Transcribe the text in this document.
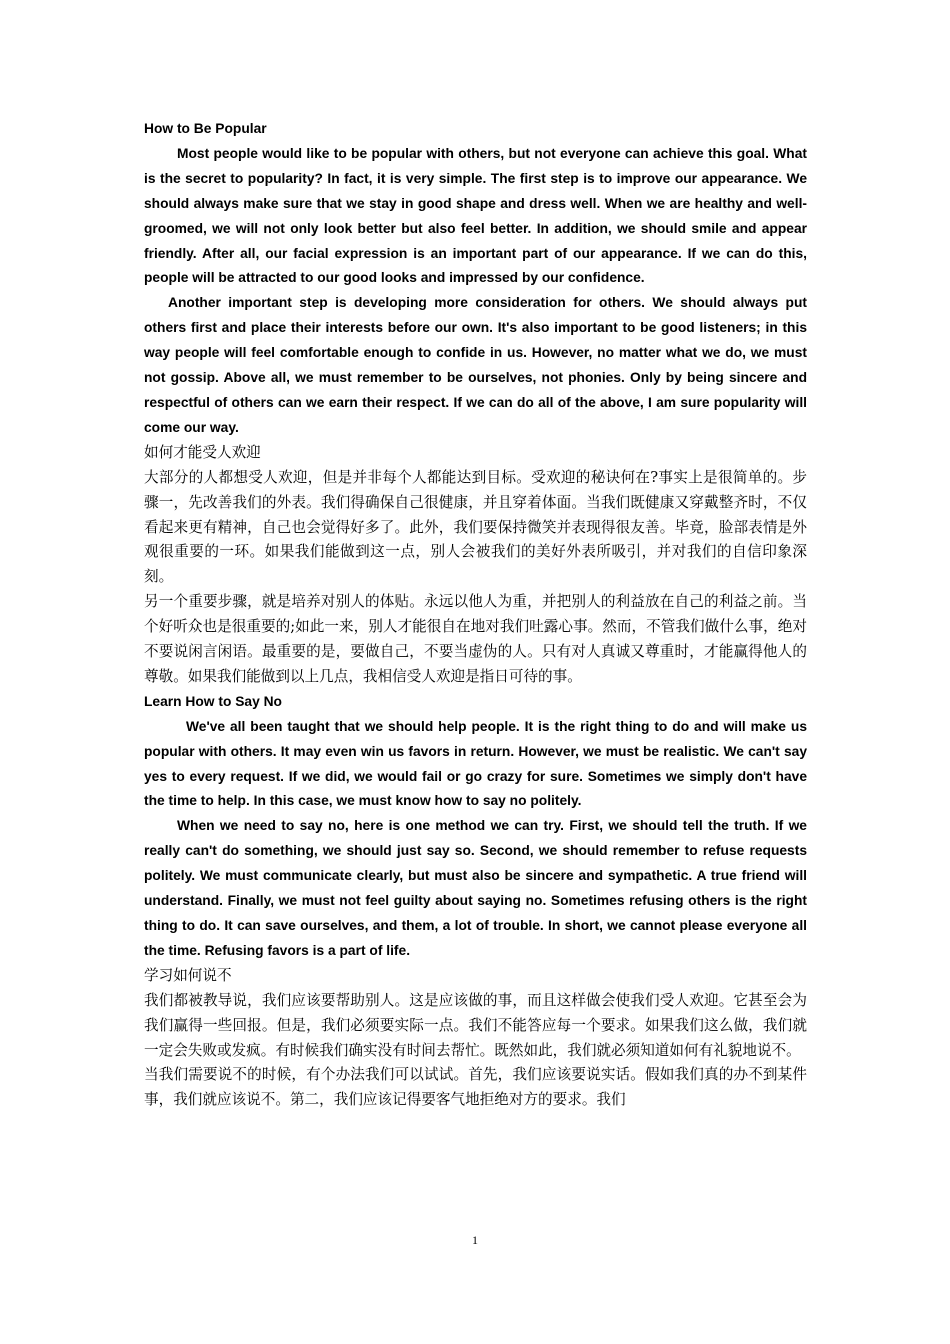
How to Be Popular

Most people would like to be popular with others, but not everyone can achieve this goal. What is the secret to popularity? In fact, it is very simple. The first step is to improve our appearance. We should always make sure that we stay in good shape and dress well. When we are healthy and well-groomed, we will not only look better but also feel better. In addition, we should smile and appear friendly. After all, our facial expression is an important part of our appearance. If we can do this, people will be attracted to our good looks and impressed by our confidence.

Another important step is developing more consideration for others. We should always put others first and place their interests before our own. It's also important to be good listeners; in this way people will feel comfortable enough to confide in us. However, no matter what we do, we must not gossip. Above all, we must remember to be ourselves, not phonies. Only by being sincere and respectful of others can we earn their respect. If we can do all of the above, I am sure popularity will come our way.

如何才能受人欢迎

大部分的人都想受人欢迎，但是并非每个人都能达到目标。受欢迎的秘诀何在?事实上是很简单的。步骤一，先改善我们的外表。我们得确保自己很健康，并且穿着体面。当我们既健康又穿戴整齐时，不仅看起来更有精神，自己也会觉得好多了。此外，我们要保持微笑并表现得很友善。毕竟，脸部表情是外观很重要的一环。如果我们能做到这一点，别人会被我们的美好外表所吸引，并对我们的自信印象深刻。

另一个重要步骤，就是培养对别人的体贴。永远以他人为重，并把别人的利益放在自己的利益之前。当个好听众也是很重要的;如此一来，别人才能很自在地对我们吐露心事。然而，不管我们做什么事，绝对不要说闲言闲语。最重要的是，要做自己，不要当虚伪的人。只有对人真诚又尊重时，才能赢得他人的尊敬。如果我们能做到以上几点，我相信受人欢迎是指日可待的事。

Learn How to Say No

We've all been taught that we should help people. It is the right thing to do and will make us popular with others. It may even win us favors in return. However, we must be realistic. We can't say yes to every request. If we did, we would fail or go crazy for sure. Sometimes we simply don't have the time to help. In this case, we must know how to say no politely.

When we need to say no, here is one method we can try. First, we should tell the truth. If we really can't do something, we should just say so. Second, we should remember to refuse requests politely. We must communicate clearly, but must also be sincere and sympathetic. A true friend will understand. Finally, we must not feel guilty about saying no. Sometimes refusing others is the right thing to do. It can save ourselves, and them, a lot of trouble. In short, we cannot please everyone all the time. Refusing favors is a part of life.

学习如何说不

我们都被教导说，我们应该要帮助别人。这是应该做的事，而且这样做会使我们受人欢迎。它甚至会为我们赢得一些回报。但是，我们必须要实际一点。我们不能答应每一个要求。如果我们这么做，我们就一定会失败或发疯。有时候我们确实没有时间去帮忙。既然如此，我们就必须知道如何有礼貌地说不。

当我们需要说不的时候，有个办法我们可以试试。首先，我们应该要说实话。假如我们真的办不到某件事，我们就应该说不。第二，我们应该记得要客气地拒绝对方的要求。我们

1
